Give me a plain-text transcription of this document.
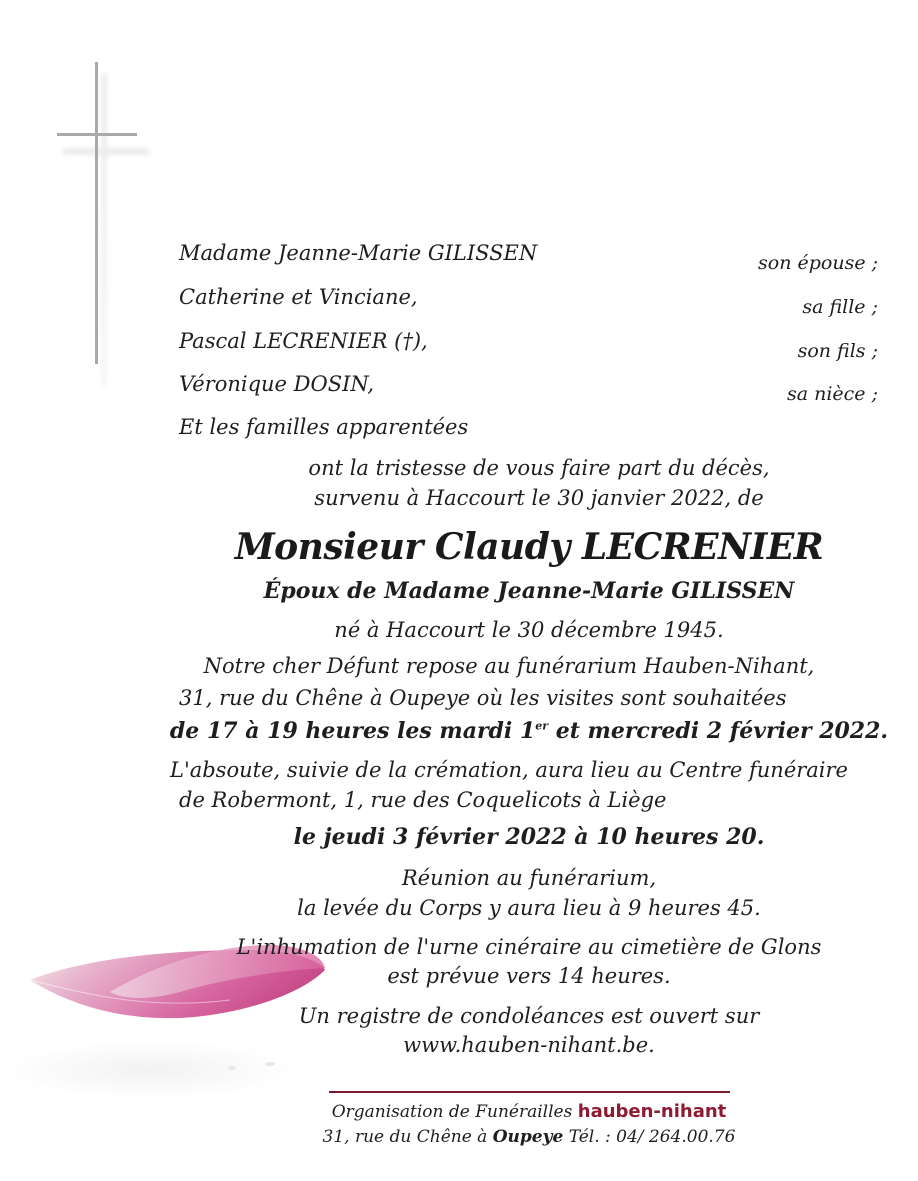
Madame Jeanne-Marie GILISSEN	son épouse ;
Catherine et Vinciane,	sa fille ;
Pascal LECRENIER (†),	son fils ;
Véronique DOSIN,	sa nièce ;
Et les familles apparentées
ont la tristesse de vous faire part du décès,
survenu à Haccourt le 30 janvier 2022, de
Monsieur Claudy LECRENIER
Époux de Madame Jeanne-Marie GILISSEN
né à Haccourt le 30 décembre 1945.
Notre cher Défunt repose au funérarium Hauben-Nihant,
31, rue du Chêne à Oupeye où les visites sont souhaitées
de 17 à 19 heures les mardi 1er et mercredi 2 février 2022.
L'absoute, suivie de la crémation, aura lieu au Centre funéraire
de Robermont, 1, rue des Coquelicots à Liège
le jeudi 3 février 2022 à 10 heures 20.
Réunion au funérarium,
la levée du Corps y aura lieu à 9 heures 45.
L'inhumation de l'urne cinéraire au cimetière de Glons
est prévue vers 14 heures.
Un registre de condoléances est ouvert sur
www.hauben-nihant.be.
Organisation de Funérailles hauben-nihant
31, rue du Chêne à Oupeye Tél. : 04/ 264.00.76
